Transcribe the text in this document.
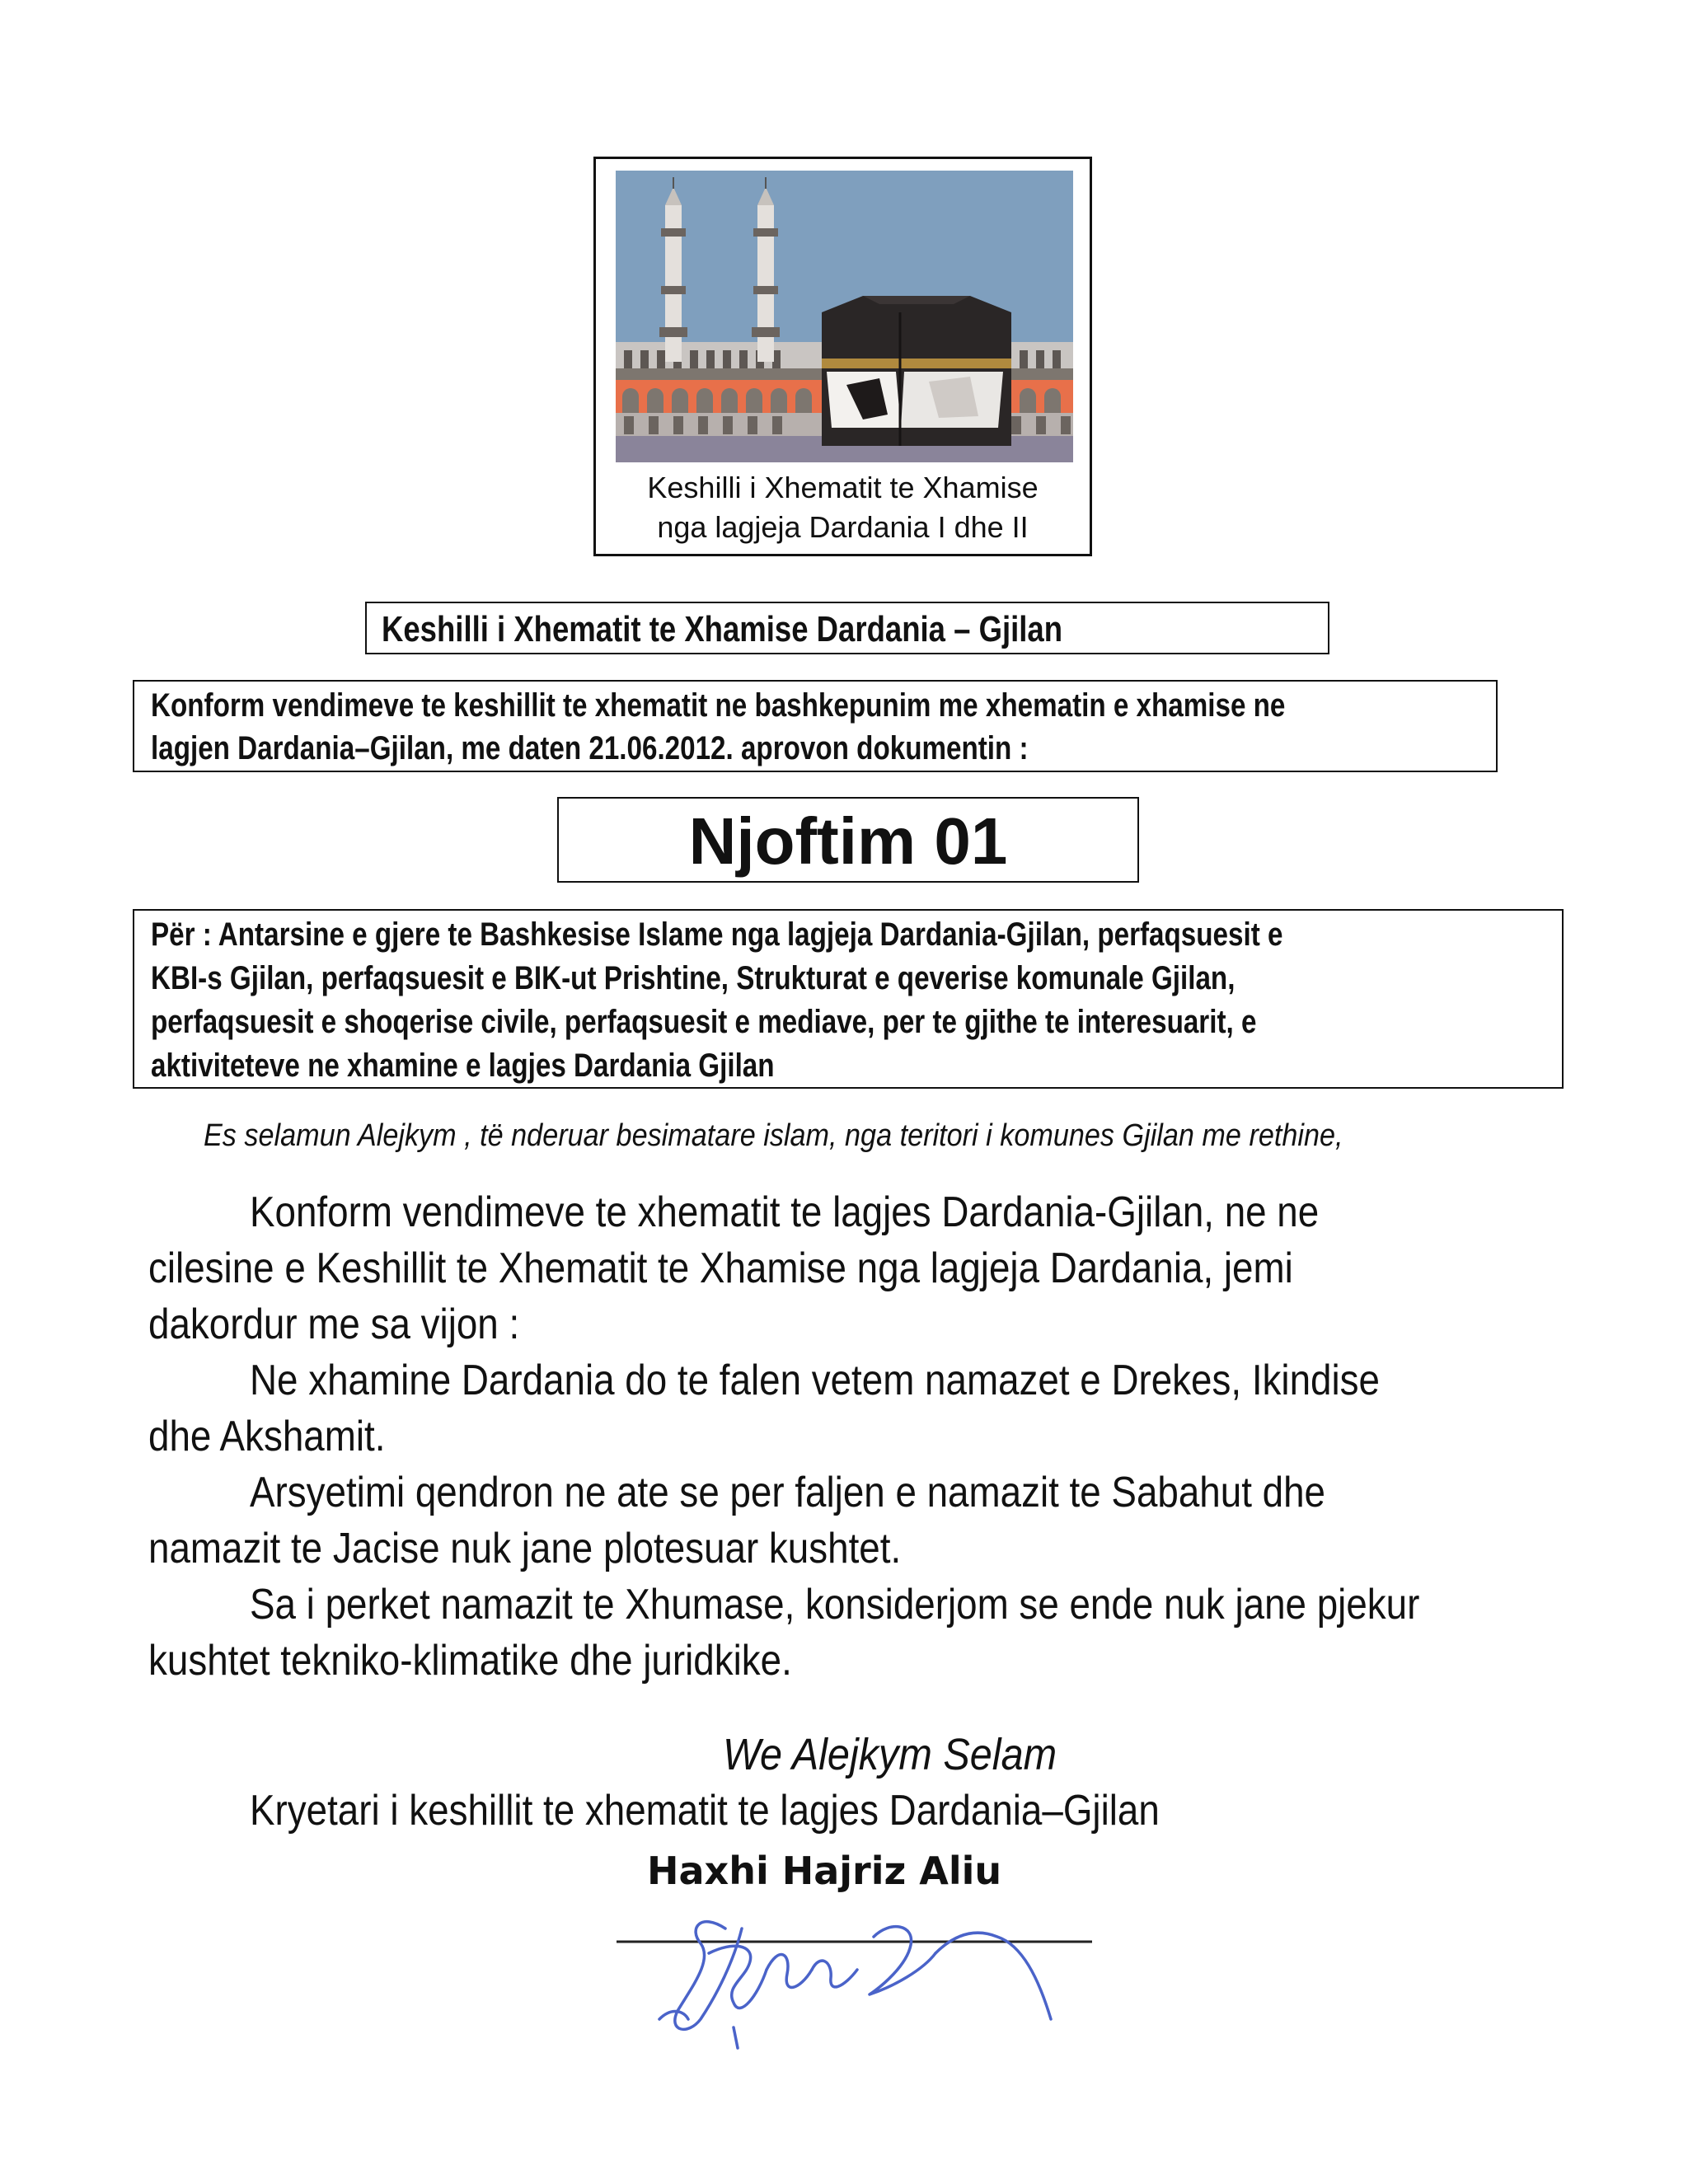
Keshilli i Xhematit te Xhamise
nga lagjeja Dardania I dhe II
Keshilli i Xhematit te Xhamise Dardania – Gjilan
Konform vendimeve te keshillit te xhematit ne bashkepunim me xhematin e xhamise ne
lagjen Dardania–Gjilan, me daten 21.06.2012. aprovon dokumentin :
Njoftim 01
Për : Antarsine e gjere te Bashkesise Islame nga lagjeja Dardania-Gjilan, perfaqsuesit e
KBI-s Gjilan, perfaqsuesit e BIK-ut Prishtine, Strukturat e qeverise komunale Gjilan,
perfaqsuesit e shoqerise civile, perfaqsuesit e mediave, per te gjithe te interesuarit, e
aktiviteteve ne xhamine e lagjes Dardania Gjilan
Es selamun Alejkym , të nderuar besimatare islam, nga teritori i komunes Gjilan me rethine,
Konform vendimeve te xhematit te lagjes Dardania-Gjilan, ne ne
cilesine e Keshillit te Xhematit te Xhamise nga lagjeja Dardania, jemi
dakordur me sa vijon :
Ne xhamine Dardania do te falen vetem namazet e Drekes, Ikindise
dhe Akshamit.
Arsyetimi qendron ne ate se per faljen e namazit te Sabahut dhe
namazit te Jacise nuk jane plotesuar kushtet.
Sa i perket namazit te Xhumase, konsiderjom se ende nuk jane pjekur
kushtet tekniko-klimatike dhe juridkike.
We Alejkym Selam
Kryetari i keshillit te xhematit te lagjes Dardania–Gjilan
Haxhi Hajriz Aliu
